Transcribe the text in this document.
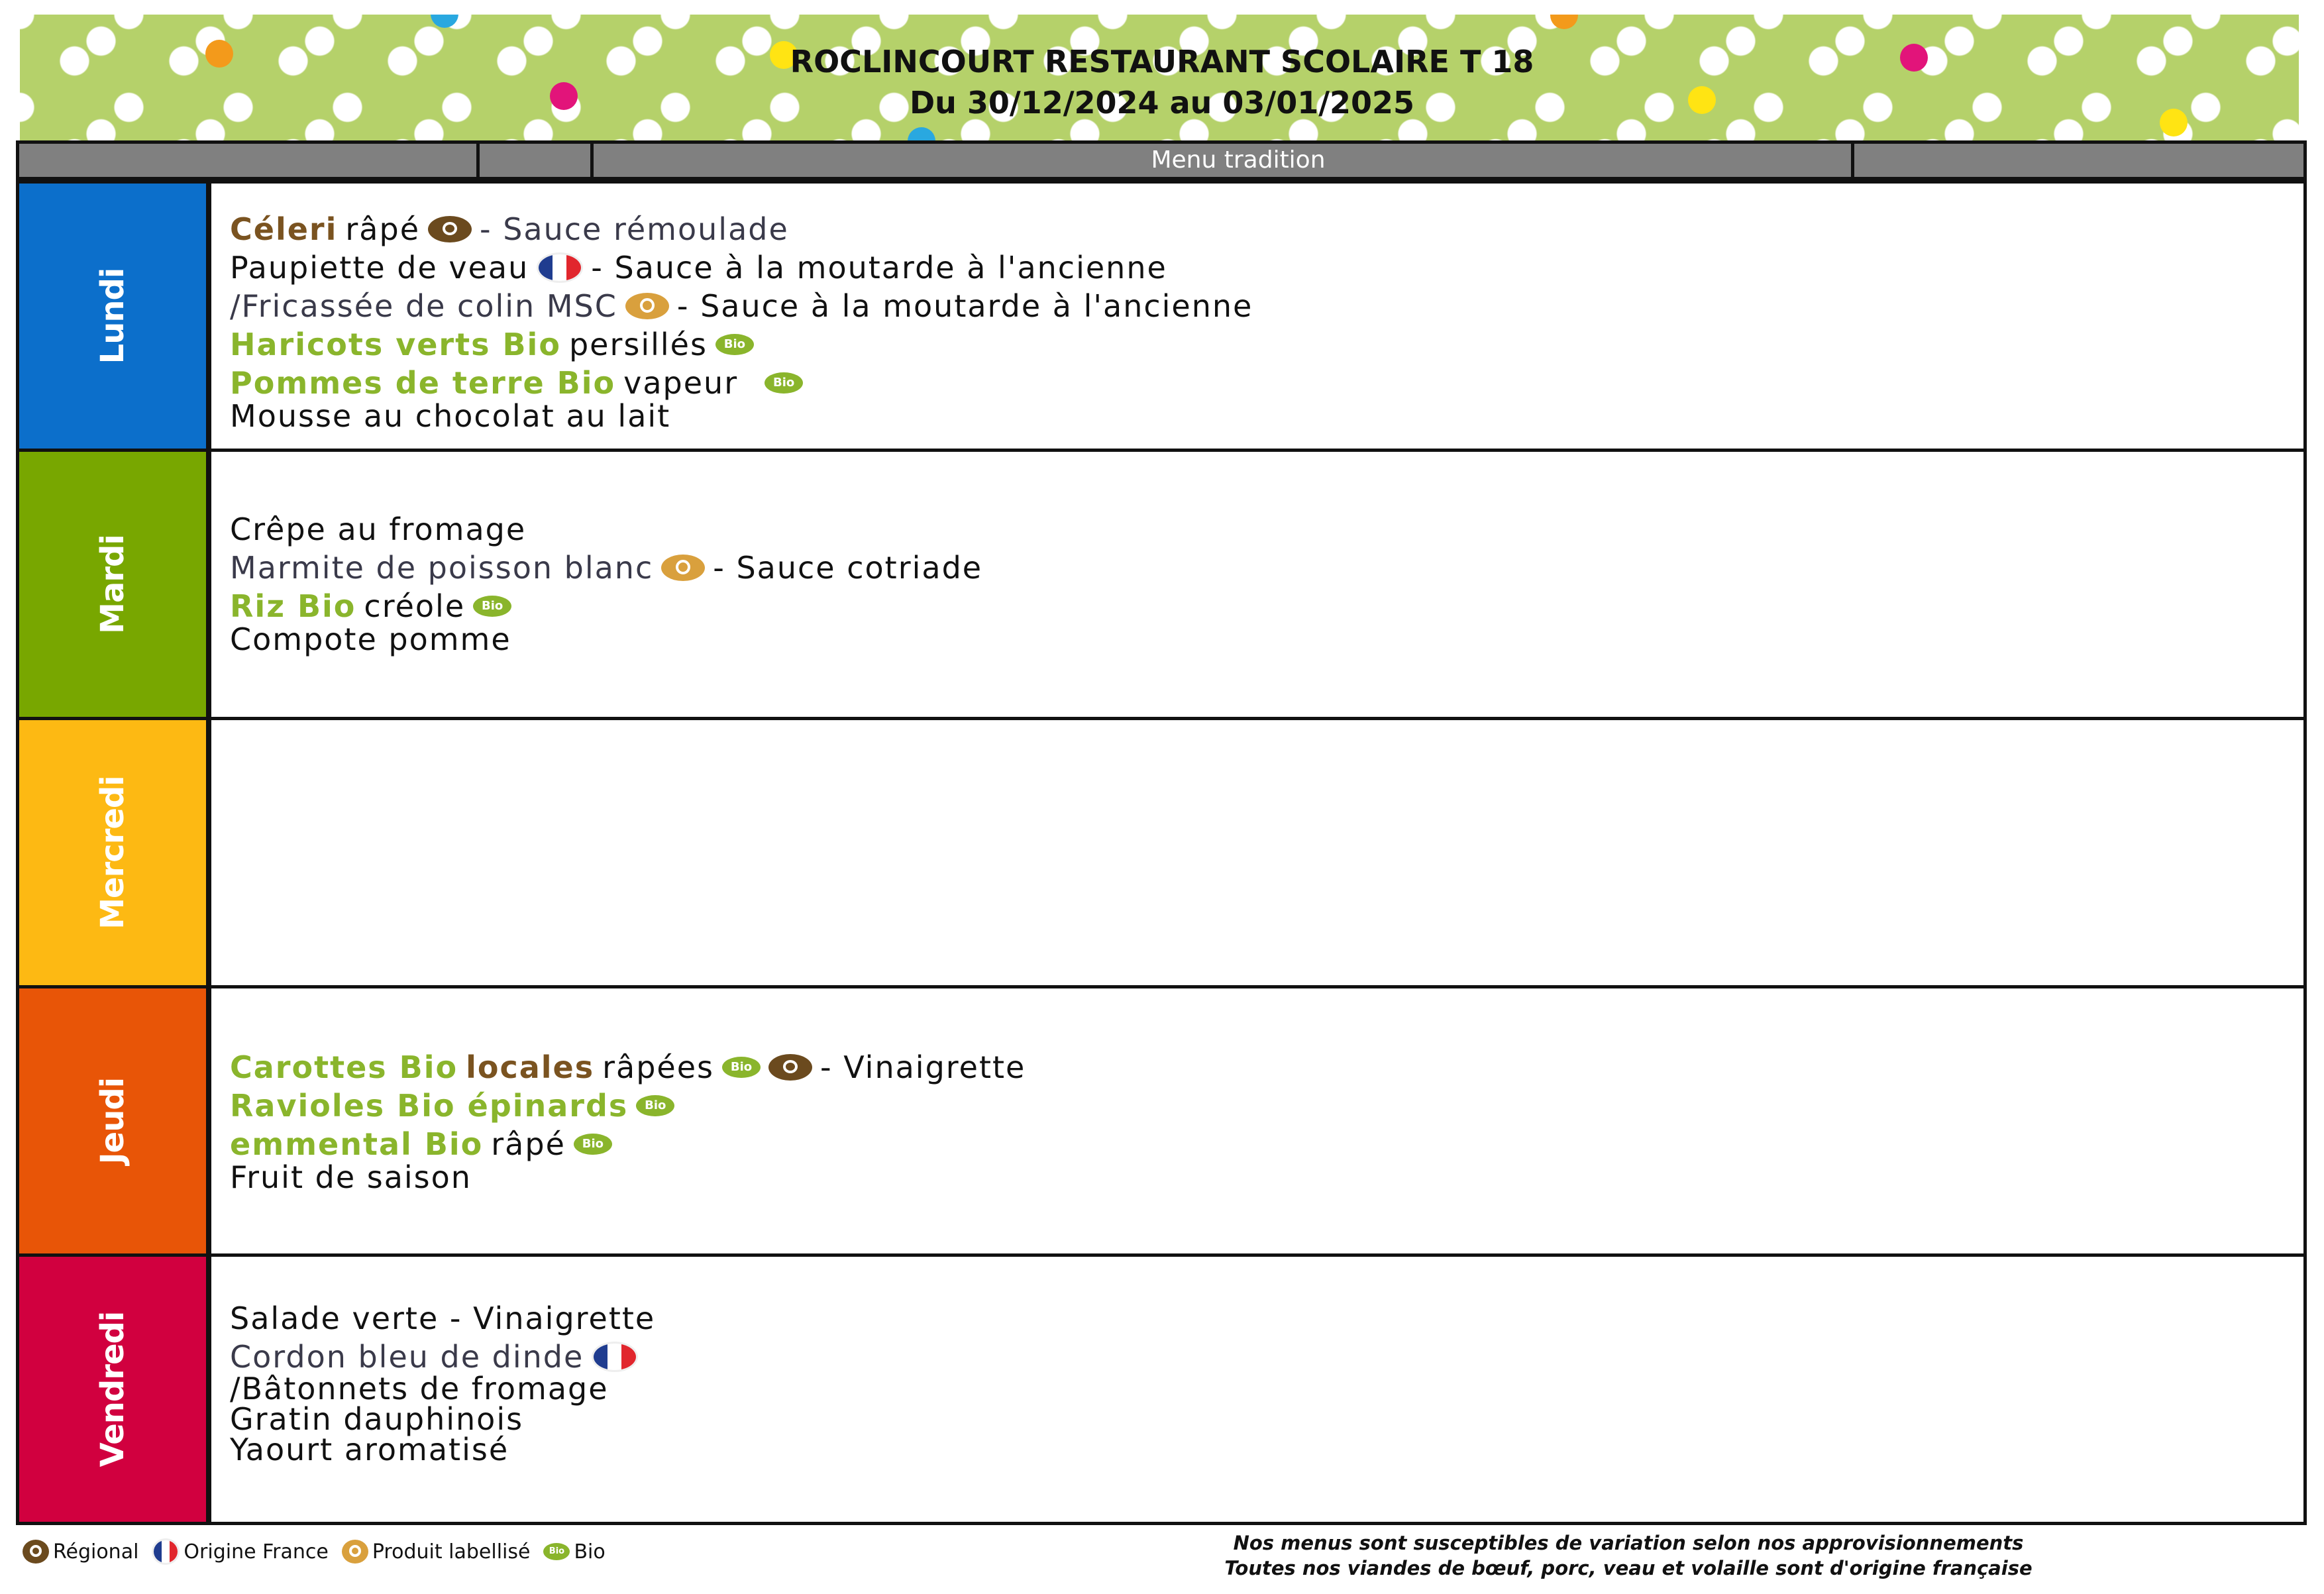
ROCLINCOURT RESTAURANT SCOLAIRE T 18
Du 30/12/2024 au 03/01/2025
Menu tradition
Lundi
Céleri râpé - Sauce rémoulade
Paupiette de veau - Sauce à la moutarde à l'ancienne
/Fricassée de colin MSC - Sauce à la moutarde à l'ancienne
Haricots verts Bio persillés	Bio
Pommes de terre Bio vapeur	Bio
Mousse au chocolat au lait
Mardi
Crêpe au fromage
Marmite de poisson blanc - Sauce cotriade
Riz Bio créole	Bio
Compote pomme
Mercredi
Jeudi
Carottes Bio locales râpées	Bio - Vinaigrette
Ravioles Bio épinards	Bio
emmental Bio râpé	Bio
Fruit de saison
Vendredi	Salade verte - Vinaigrette
Cordon bleu de dinde
/Bâtonnets de fromage
Gratin dauphinois
Yaourt aromatisé
Régional Origine France Produit labellisé	Bio Bio	Nos menus sont susceptibles de variation selon nos approvisionnements
Toutes nos viandes de bœuf, porc, veau et volaille sont d'origine française
